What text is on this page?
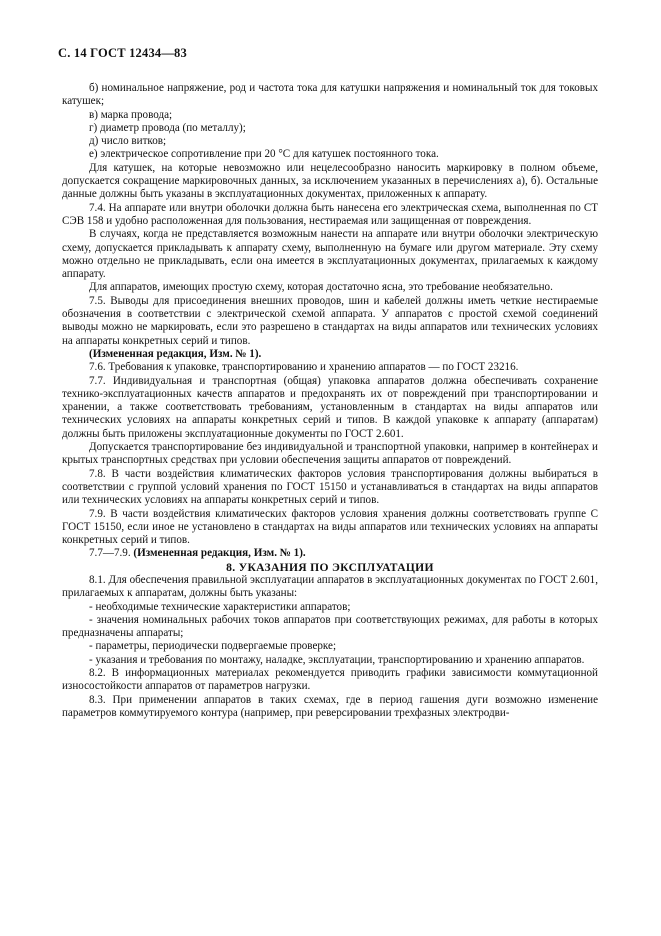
С. 14 ГОСТ 12434—83

б) номинальное напряжение, род и частота тока для катушки напряжения и номинальный ток для токовых катушек;

в) марка провода;

г) диаметр провода (по металлу);

д) число витков;

е) электрическое сопротивление при 20 °С для катушек постоянного тока.

Для катушек, на которые невозможно или нецелесообразно наносить маркировку в полном объеме, допускается сокращение маркировочных данных, за исключением указанных в перечислениях а), б). Остальные данные должны быть указаны в эксплуатационных документах, приложенных к аппарату.

7.4. На аппарате или внутри оболочки должна быть нанесена его электрическая схема, выполненная по СТ СЭВ 158 и удобно расположенная для пользования, нестираемая или защищенная от повреждения.

В случаях, когда не представляется возможным нанести на аппарате или внутри оболочки электрическую схему, допускается прикладывать к аппарату схему, выполненную на бумаге или другом материале. Эту схему можно отдельно не прикладывать, если она имеется в эксплуатационных документах, прилагаемых к каждому аппарату.

Для аппаратов, имеющих простую схему, которая достаточно ясна, это требование необязательно.

7.5. Выводы для присоединения внешних проводов, шин и кабелей должны иметь четкие нестираемые обозначения в соответствии с электрической схемой аппарата. У аппаратов с простой схемой соединений выводы можно не маркировать, если это разрешено в стандартах на виды аппаратов или технических условиях на аппараты конкретных серий и типов.

(Измененная редакция, Изм. № 1).

7.6. Требования к упаковке, транспортированию и хранению аппаратов — по ГОСТ 23216.

7.7. Индивидуальная и транспортная (общая) упаковка аппаратов должна обеспечивать сохранение технико-эксплуатационных качеств аппаратов и предохранять их от повреждений при транспортировании и хранении, а также соответствовать требованиям, установленным в стандартах на виды аппаратов или технических условиях на аппараты конкретных серий и типов. В каждой упаковке к аппарату (аппаратам) должны быть приложены эксплуатационные документы по ГОСТ 2.601.

Допускается транспортирование без индивидуальной и транспортной упаковки, например в контейнерах и крытых транспортных средствах при условии обеспечения защиты аппаратов от повреждений.

7.8. В части воздействия климатических факторов условия транспортирования должны выбираться в соответствии с группой условий хранения по ГОСТ 15150 и устанавливаться в стандартах на виды аппаратов или технических условиях на аппараты конкретных серий и типов.

7.9. В части воздействия климатических факторов условия хранения должны соответствовать группе С ГОСТ 15150, если иное не установлено в стандартах на виды аппаратов или технических условиях на аппараты конкретных серий и типов.

7.7—7.9. (Измененная редакция, Изм. № 1).

8. УКАЗАНИЯ ПО ЭКСПЛУАТАЦИИ

8.1. Для обеспечения правильной эксплуатации аппаратов в эксплуатационных документах по ГОСТ 2.601, прилагаемых к аппаратам, должны быть указаны:

- необходимые технические характеристики аппаратов;

- значения номинальных рабочих токов аппаратов при соответствующих режимах, для работы в которых предназначены аппараты;

- параметры, периодически подвергаемые проверке;

- указания и требования по монтажу, наладке, эксплуатации, транспортированию и хранению аппаратов.

8.2. В информационных материалах рекомендуется приводить графики зависимости коммутационной износостойкости аппаратов от параметров нагрузки.

8.3. При применении аппаратов в таких схемах, где в период гашения дуги возможно изменение параметров коммутируемого контура (например, при реверсировании трехфазных электродви-
